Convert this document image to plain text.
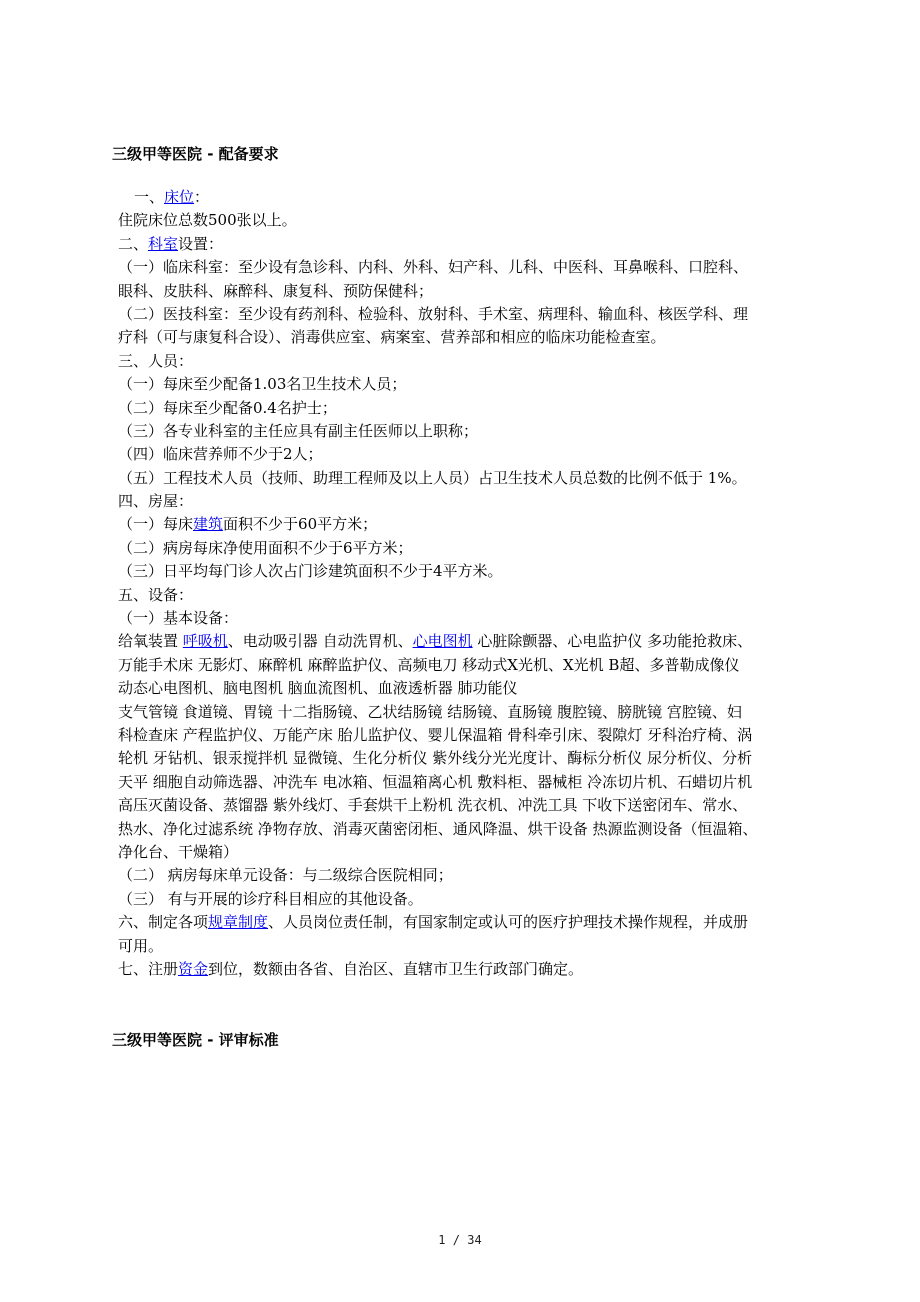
三级甲等医院 - 配备要求
一、床位：
住院床位总数500张以上。
二、科室设置：
（一）临床科室：至少设有急诊科、内科、外科、妇产科、儿科、中医科、耳鼻喉科、口腔科、
眼科、皮肤科、麻醉科、康复科、预防保健科；
（二）医技科室：至少设有药剂科、检验科、放射科、手术室、病理科、输血科、核医学科、理
疗科（可与康复科合设）、消毒供应室、病案室、营养部和相应的临床功能检查室。
三、人员：
（一）每床至少配备1.03名卫生技术人员；
（二）每床至少配备0.4名护士；
（三）各专业科室的主任应具有副主任医师以上职称；
（四）临床营养师不少于2人；
（五）工程技术人员（技师、助理工程师及以上人员）占卫生技术人员总数的比例不低于 1%。
四、房屋：
（一）每床建筑面积不少于60平方米；
（二）病房每床净使用面积不少于6平方米；
（三）日平均每门诊人次占门诊建筑面积不少于4平方米。
五、设备：
（一）基本设备：
给氧装置 呼吸机、电动吸引器 自动洗胃机、心电图机 心脏除颤器、心电监护仪 多功能抢救床、
万能手术床 无影灯、麻醉机 麻醉监护仪、高频电刀 移动式X光机、X光机 B超、多普勒成像仪
动态心电图机、脑电图机 脑血流图机、血液透析器 肺功能仪
支气管镜 食道镜、胃镜 十二指肠镜、乙状结肠镜 结肠镜、直肠镜 腹腔镜、膀胱镜 宫腔镜、妇
科检查床 产程监护仪、万能产床 胎儿监护仪、婴儿保温箱 骨科牵引床、裂隙灯 牙科治疗椅、涡
轮机 牙钻机、银汞搅拌机 显微镜、生化分析仪 紫外线分光光度计、酶标分析仪 尿分析仪、分析
天平 细胞自动筛选器、冲洗车 电冰箱、恒温箱离心机 敷料柜、器械柜 冷冻切片机、石蜡切片机
高压灭菌设备、蒸馏器 紫外线灯、手套烘干上粉机 洗衣机、冲洗工具 下收下送密闭车、常水、
热水、净化过滤系统 净物存放、消毒灭菌密闭柜、通风降温、烘干设备 热源监测设备（恒温箱、
净化台、干燥箱）
（二） 病房每床单元设备：与二级综合医院相同；
（三） 有与开展的诊疗科目相应的其他设备。
六、制定各项规章制度、人员岗位责任制，有国家制定或认可的医疗护理技术操作规程，并成册
可用。
七、注册资金到位，数额由各省、自治区、直辖市卫生行政部门确定。
三级甲等医院 - 评审标准
1 / 34
